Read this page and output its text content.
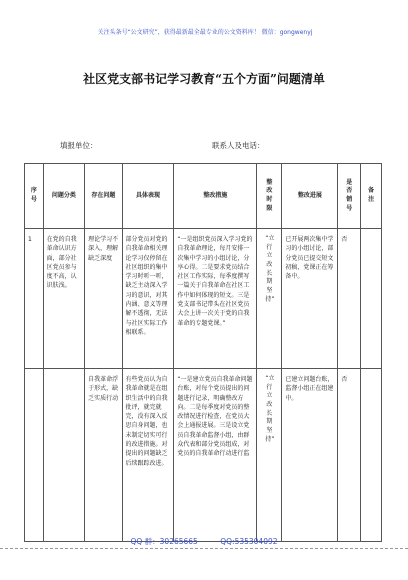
关注头条号“公文研究”，获得最新最全最专业的公文资料库！ 微信：gongwenyj
社区党支部书记学习教育“五个方面”问题清单
填报单位：	联系人及电话：
序号	问题分类	存在问题	具体表现	整改措施	整改时限	整改进展	是否销号	备注

1	在党的自我革命认识方面，部分社区党员参与度不高，认识肤浅。	理论学习不深入，理解缺乏深度	部分党员对党的自我革命相关理论学习仅停留在社区组织的集中学习时听一听，缺乏主动深入学习的意识，对其内涵、意义等理解不透彻，无法与社区实际工作相联系。	“一是组织党员深入学习党的自我革命理论，每月安排一次集中学习的小组讨论，分享心得。二是要求党员结合社区工作实际，每季度撰写一篇关于自我革命在社区工作中如何体现的短文。三是党支部书记带头在社区党员大会上讲一次关于党的自我革命的专题党课。”	“立行立改长期坚持”	已开展两次集中学习的小组讨论，部分党员已提交短文初稿，党课正在筹备中。	否	
		自我革命浮于形式，缺乏实质行动	有些党员认为自我革命就是在组织生活中的自我批评，就完就完，没有深入反思自身问题，也未制定切实可行的改进措施。对提出的问题缺乏后续跟踪改进。	“一是建立党员自我革命问题台账，对每个党员提出的问题进行记录，明确整改方向。二是每季度对党员的整改情况进行检查，在党员大会上通报进展。三是设立党员自我革命监督小组，由群众代表和部分党员组成，对党员的自我革命行动进行监	“立行立改长期坚持”	已建立问题台账，监督小组正在组建中。	否	
QQ 群：30265665	QQ:535304092
